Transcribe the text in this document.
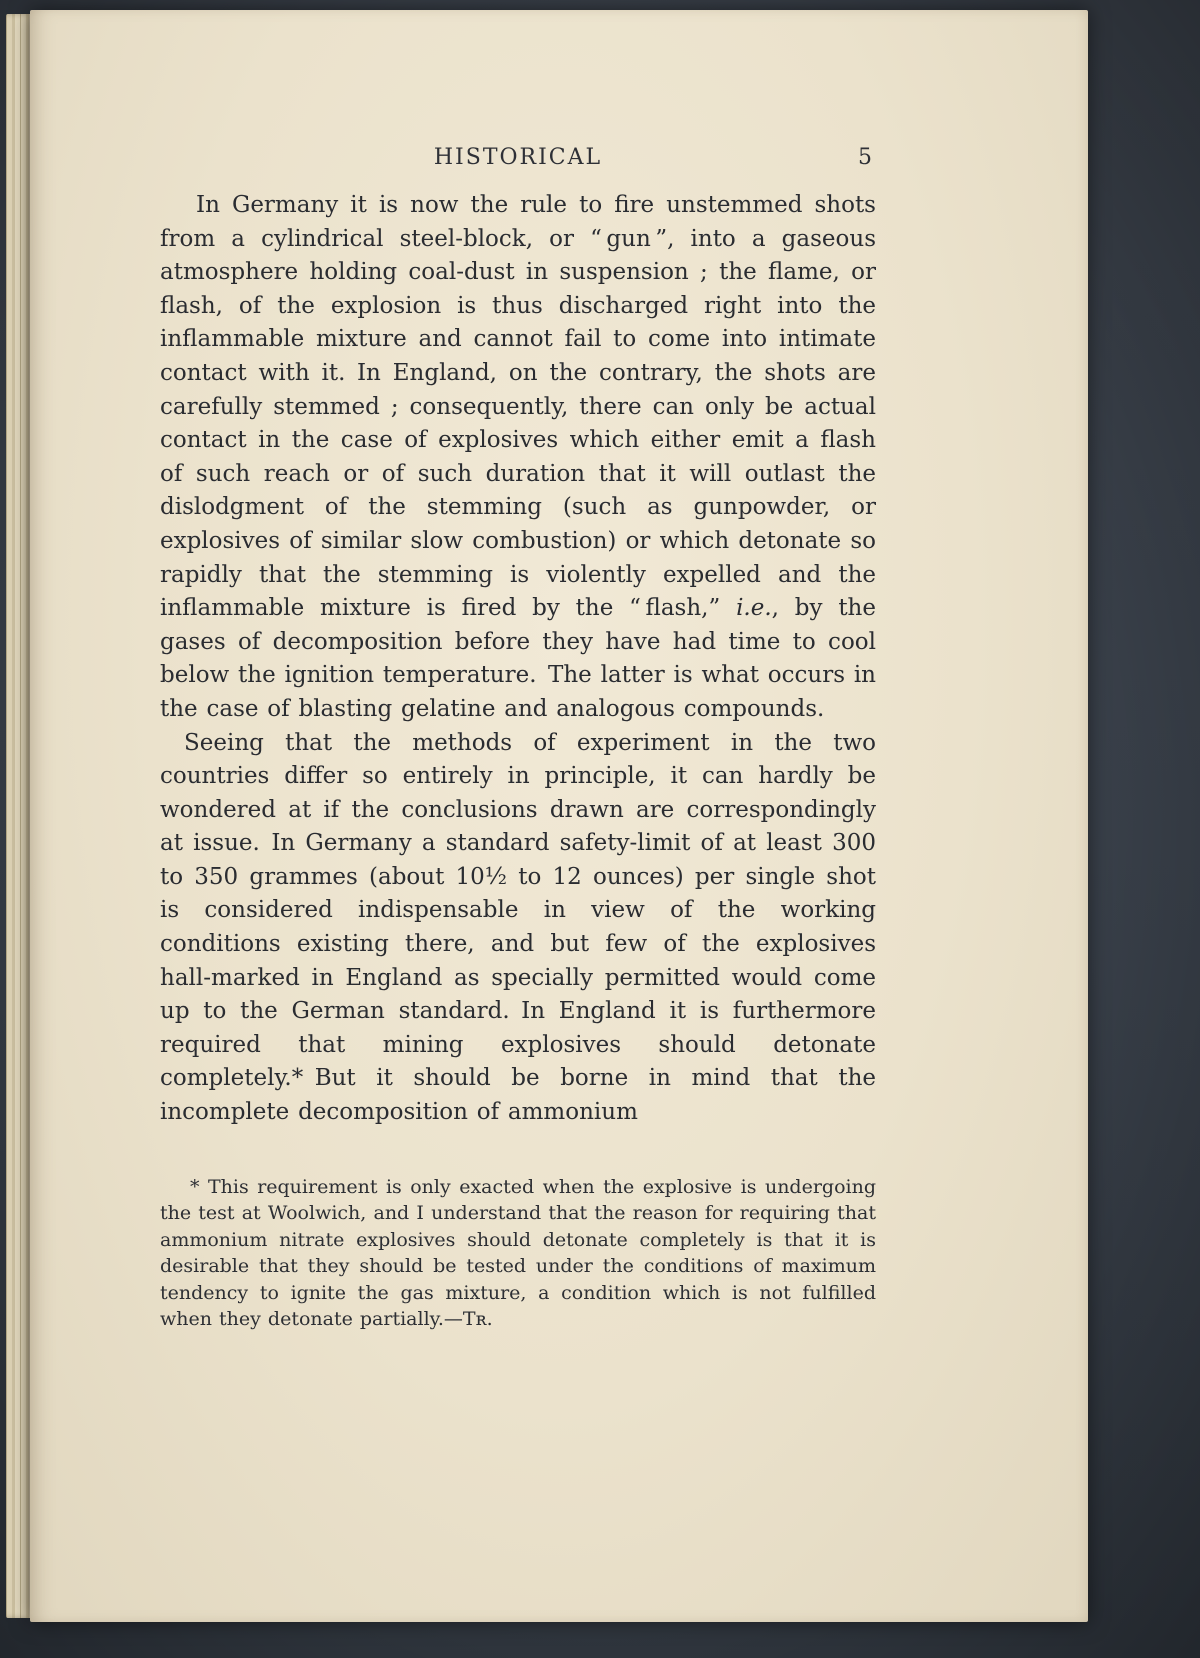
HISTORICAL	5

In Germany it is now the rule to fire unstemmed shots from a cylindrical steel-block, or “ gun ”, into a gaseous atmosphere holding coal-dust in suspension ; the flame, or flash, of the explosion is thus discharged right into the inflammable mixture and cannot fail to come into intimate contact with it. In England, on the contrary, the shots are carefully stemmed ; consequently, there can only be actual contact in the case of explosives which either emit a flash of such reach or of such duration that it will outlast the dislodgment of the stemming (such as gunpowder, or explosives of similar slow combustion) or which detonate so rapidly that the stemming is violently expelled and the inflammable mixture is fired by the “ flash,” i.e., by the gases of decomposition before they have had time to cool below the ignition temperature. The latter is what occurs in the case of blasting gelatine and analogous compounds.

Seeing that the methods of experiment in the two countries differ so entirely in principle, it can hardly be wondered at if the conclusions drawn are correspondingly at issue. In Germany a standard safety-limit of at least 300 to 350 grammes (about 10½ to 12 ounces) per single shot is considered indispensable in view of the working conditions existing there, and but few of the explosives hall-marked in England as specially permitted would come up to the German standard. In England it is furthermore required that mining explosives should detonate completely.* But it should be borne in mind that the incomplete decomposition of ammonium

* This requirement is only exacted when the explosive is undergoing the test at Woolwich, and I understand that the reason for requiring that ammonium nitrate explosives should detonate completely is that it is desirable that they should be tested under the conditions of maximum tendency to ignite the gas mixture, a condition which is not fulfilled when they detonate partially.—Tʀ.
